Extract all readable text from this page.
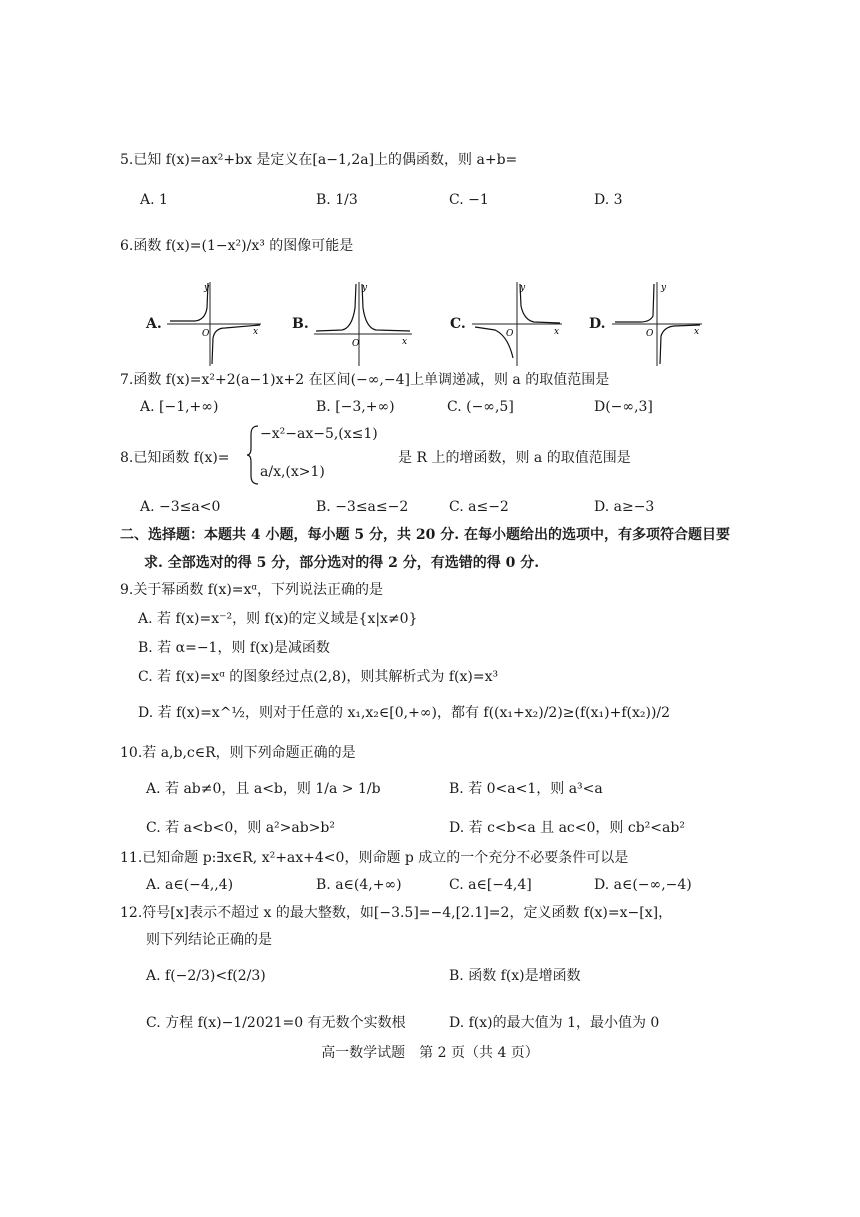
5.已知 f(x)=ax²+bx 是定义在[a−1,2a]上的偶函数，则 a+b=
A. 1	B. 1/3	C. −1	D. 3
6.函数 f(x)=(1−x²)/x³ 的图像可能是
A.	B.	C.	D.
y
O	x
y
O	x
y
O	x
y
O	x
7.函数 f(x)=x²+2(a−1)x+2 在区间(−∞,−4]上单调递减，则 a 的取值范围是
A. [−1,+∞)	B. [−3,+∞)	C. (−∞,5]	D(−∞,3]
8.已知函数 f(x)=
−x²−ax−5,(x≤1)
a/x,(x>1)
是 R 上的增函数，则 a 的取值范围是
A. −3≤a<0	B. −3≤a≤−2	C. a≤−2	D. a≥−3
二、选择题：本题共 4 小题，每小题 5 分，共 20 分. 在每小题给出的选项中，有多项符合题目要
求. 全部选对的得 5 分，部分选对的得 2 分，有选错的得 0 分.
9.关于幂函数 f(x)=xᵅ，下列说法正确的是
A. 若 f(x)=x⁻²，则 f(x)的定义域是{x|x≠0}
B. 若 α=−1，则 f(x)是减函数
C. 若 f(x)=xᵅ 的图象经过点(2,8)，则其解析式为 f(x)=x³
D. 若 f(x)=x^½，则对于任意的 x₁,x₂∈[0,+∞)，都有 f((x₁+x₂)/2)≥(f(x₁)+f(x₂))/2
10.若 a,b,c∈R，则下列命题正确的是
A. 若 ab≠0，且 a<b，则 1/a > 1/b	B. 若 0<a<1，则 a³<a
C. 若 a<b<0，则 a²>ab>b²	D. 若 c<b<a 且 ac<0，则 cb²<ab²
11.已知命题 p:∃x∈R, x²+ax+4<0，则命题 p 成立的一个充分不必要条件可以是
A. a∈(−4,,4)	B. a∈(4,+∞)	C. a∈[−4,4]	D. a∈(−∞,−4)
12.符号[x]表示不超过 x 的最大整数，如[−3.5]=−4,[2.1]=2，定义函数 f(x)=x−[x]，
则下列结论正确的是
A. f(−2/3)<f(2/3)	B. 函数 f(x)是增函数
C. 方程 f(x)−1/2021=0 有无数个实数根	D. f(x)的最大值为 1，最小值为 0
高一数学试题　第 2 页（共 4 页）
